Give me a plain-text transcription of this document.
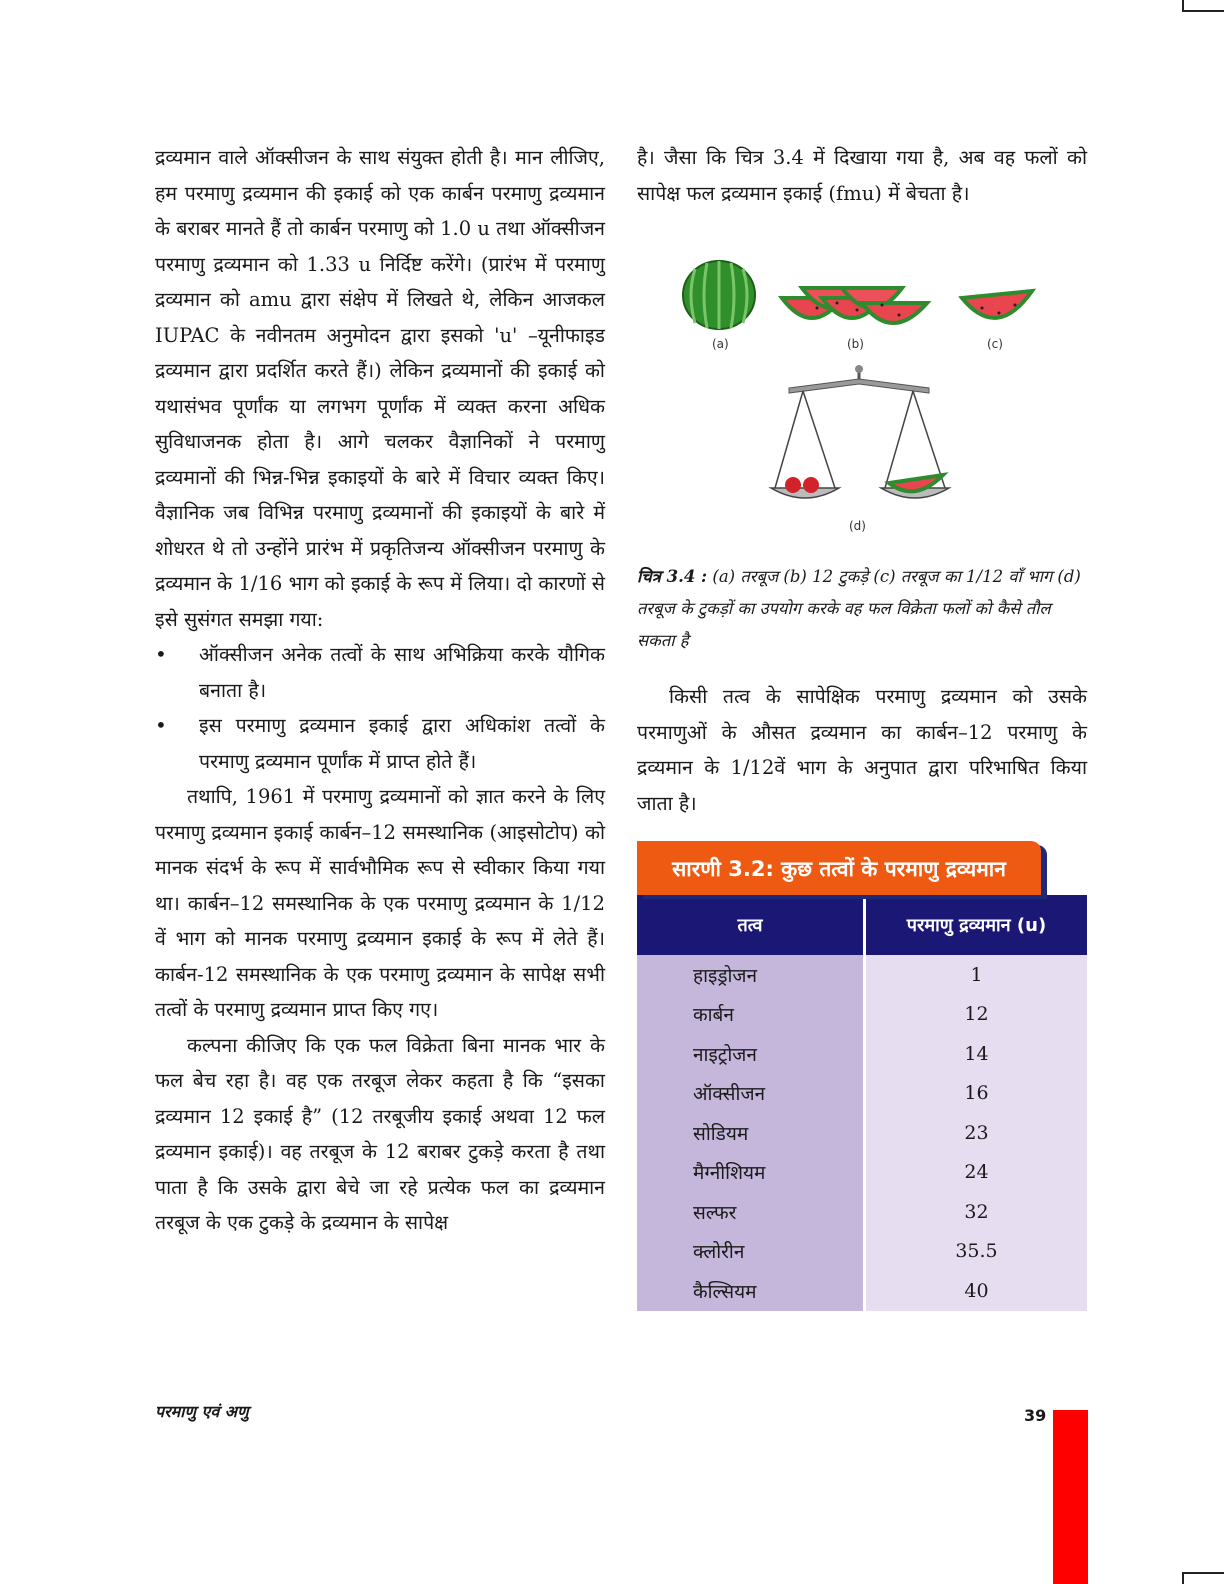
द्रव्यमान वाले ऑक्सीजन के साथ संयुक्त होती है। मान लीजिए, हम परमाणु द्रव्यमान की इकाई को एक कार्बन परमाणु द्रव्यमान के बराबर मानते हैं तो कार्बन परमाणु को 1.0 u तथा ऑक्सीजन परमाणु द्रव्यमान को 1.33 u निर्दिष्ट करेंगे। (प्रारंभ में परमाणु द्रव्यमान को amu द्वारा संक्षेप में लिखते थे, लेकिन आजकल IUPAC के नवीनतम अनुमोदन द्वारा इसको 'u' –यूनीफाइड द्रव्यमान द्वारा प्रदर्शित करते हैं।) लेकिन द्रव्यमानों की इकाई को यथासंभव पूर्णांक या लगभग पूर्णांक में व्यक्त करना अधिक सुविधाजनक होता है। आगे चलकर वैज्ञानिकों ने परमाणु द्रव्यमानों की भिन्न-भिन्न इकाइयों के बारे में विचार व्यक्त किए। वैज्ञानिक जब विभिन्न परमाणु द्रव्यमानों की इकाइयों के बारे में शोधरत थे तो उन्होंने प्रारंभ में प्रकृतिजन्य ऑक्सीजन परमाणु के द्रव्यमान के 1/16 भाग को इकाई के रूप में लिया। दो कारणों से इसे सुसंगत समझा गया:

• ऑक्सीजन अनेक तत्वों के साथ अभिक्रिया करके यौगिक बनाता है।
• इस परमाणु द्रव्यमान इकाई द्वारा अधिकांश तत्वों के परमाणु द्रव्यमान पूर्णांक में प्राप्त होते हैं।

तथापि, 1961 में परमाणु द्रव्यमानों को ज्ञात करने के लिए परमाणु द्रव्यमान इकाई कार्बन–12 समस्थानिक (आइसोटोप) को मानक संदर्भ के रूप में सार्वभौमिक रूप से स्वीकार किया गया था। कार्बन–12 समस्थानिक के एक परमाणु द्रव्यमान के 1/12 वें भाग को मानक परमाणु द्रव्यमान इकाई के रूप में लेते हैं। कार्बन-12 समस्थानिक के एक परमाणु द्रव्यमान के सापेक्ष सभी तत्वों के परमाणु द्रव्यमान प्राप्त किए गए।

कल्पना कीजिए कि एक फल विक्रेता बिना मानक भार के फल बेच रहा है। वह एक तरबूज लेकर कहता है कि “इसका द्रव्यमान 12 इकाई है” (12 तरबूजीय इकाई अथवा 12 फल द्रव्यमान इकाई)। वह तरबूज के 12 बराबर टुकड़े करता है तथा पाता है कि उसके द्वारा बेचे जा रहे प्रत्येक फल का द्रव्यमान तरबूज के एक टुकड़े के द्रव्यमान के सापेक्ष

है। जैसा कि चित्र 3.4 में दिखाया गया है, अब वह फलों को सापेक्ष फल द्रव्यमान इकाई (fmu) में बेचता है।

(a)	(b)	(c)
(d)
चित्र 3.4 : (a) तरबूज (b) 12 टुकड़े (c) तरबूज का 1/12 वाँ भाग (d) तरबूज के टुकड़ों का उपयोग करके वह फल विक्रेता फलों को कैसे तौल सकता है

किसी तत्व के सापेक्षिक परमाणु द्रव्यमान को उसके परमाणुओं के औसत द्रव्यमान का कार्बन–12 परमाणु के द्रव्यमान के 1/12वें भाग के अनुपात द्वारा परिभाषित किया जाता है।

सारणी 3.2: कुछ तत्वों के परमाणु द्रव्यमान
तत्व	परमाणु द्रव्यमान (u)
हाइड्रोजन	1
कार्बन	12
नाइट्रोजन	14
ऑक्सीजन	16
सोडियम	23
मैग्नीशियम	24
सल्फर	32
क्लोरीन	35.5
कैल्सियम	40
परमाणु एवं अणु	39
